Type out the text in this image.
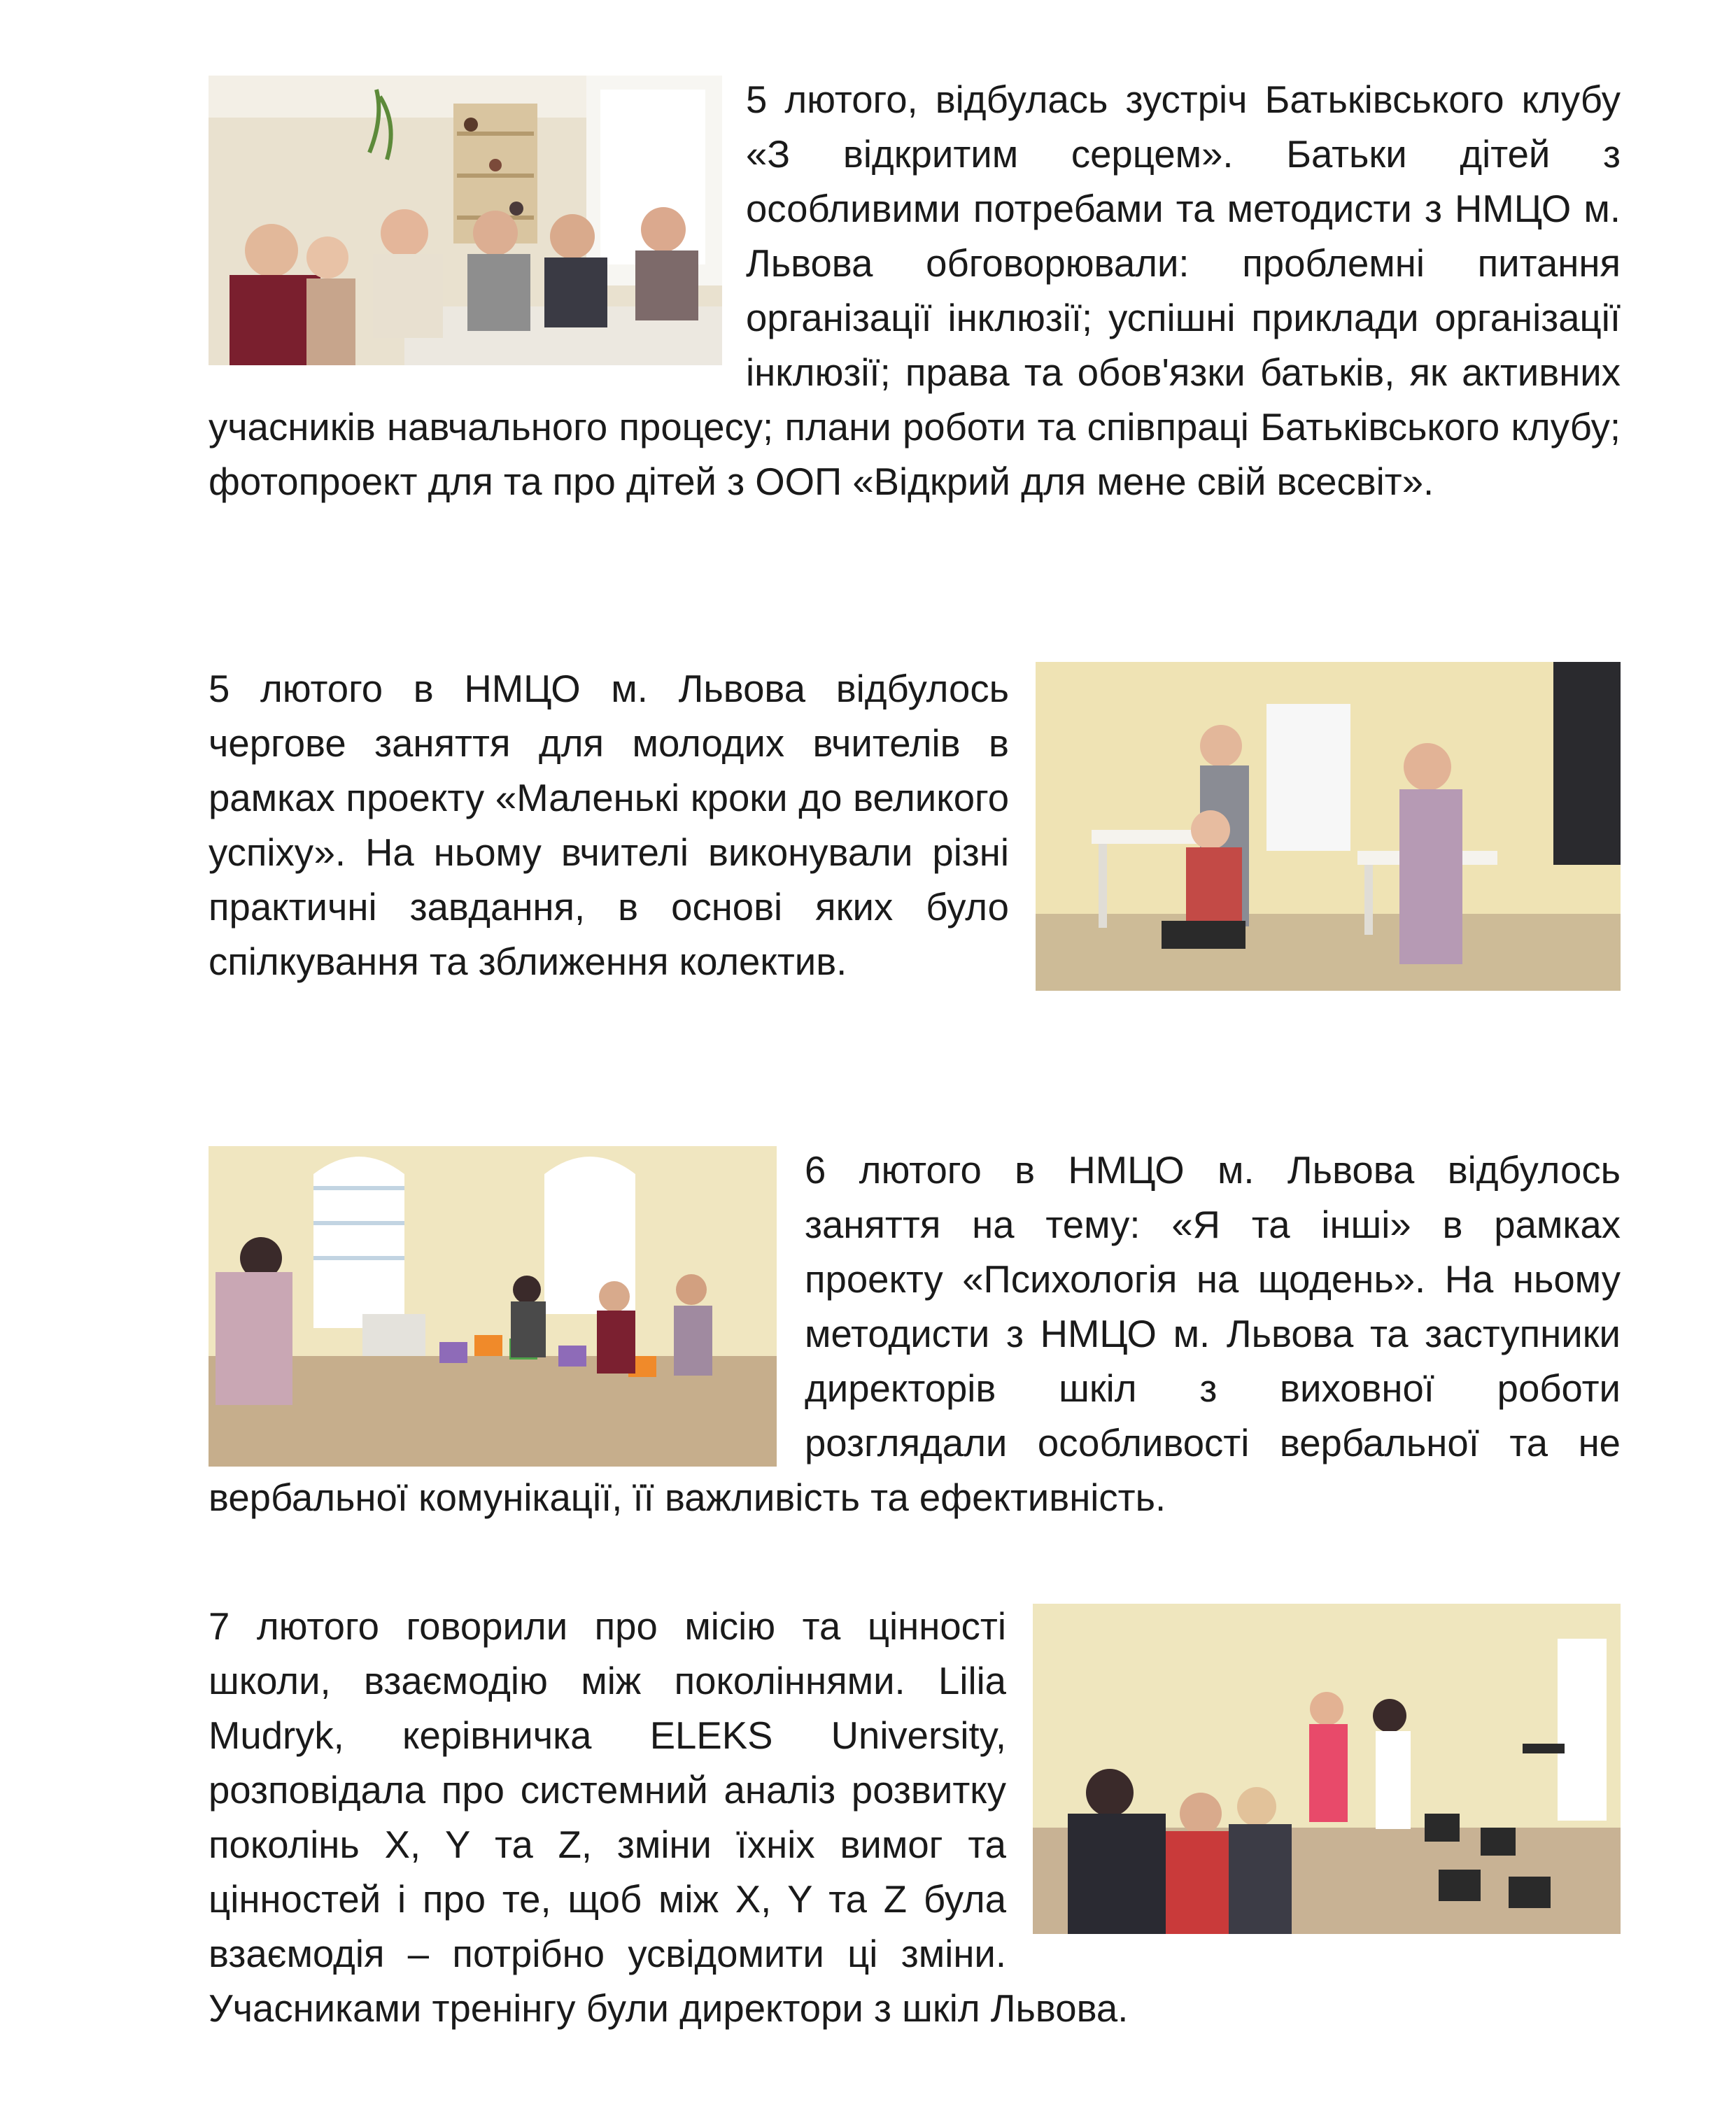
5 лютого, відбулась зустріч Батьківського клубу «З відкритим серцем». Батьки дітей з особливими потребами та методисти з НМЦО м. Львова обговорювали: проблемні питання організації інклюзії; успішні приклади організації інклюзії; права та обов'язки батьків, як активних учасників навчального процесу; плани роботи та співпраці Батьківського клубу; фотопроект для та про дітей з ООП «Відкрий для мене свій всесвіт».

5 лютого в НМЦО м. Львова відбулось чергове заняття для молодих вчителів в рамках проекту «Маленькі кроки до великого успіху». На ньому вчителі виконували різні практичні завдання, в основі яких було спілкування та зближення колектив.

6 лютого в НМЦО м. Львова відбулось заняття на тему: «Я та інші» в рамках проекту «Психологія на щодень». На ньому методисти з НМЦО м. Львова та заступники директорів шкіл з виховної роботи розглядали особливості вербальної та не вербальної комунікації, її важливість та ефективність.

7 лютого говорили про місію та цінності школи, взаємодію між поколіннями. Lilia Mudryk, керівничка ELEKS University, розповідала про системний аналіз розвитку поколінь X, Y та Z, зміни їхніх вимог та цінностей і про те, щоб між X, Y та Z була взаємодія – потрібно усвідомити ці зміни. Учасниками тренінгу були директори з шкіл Львова.
